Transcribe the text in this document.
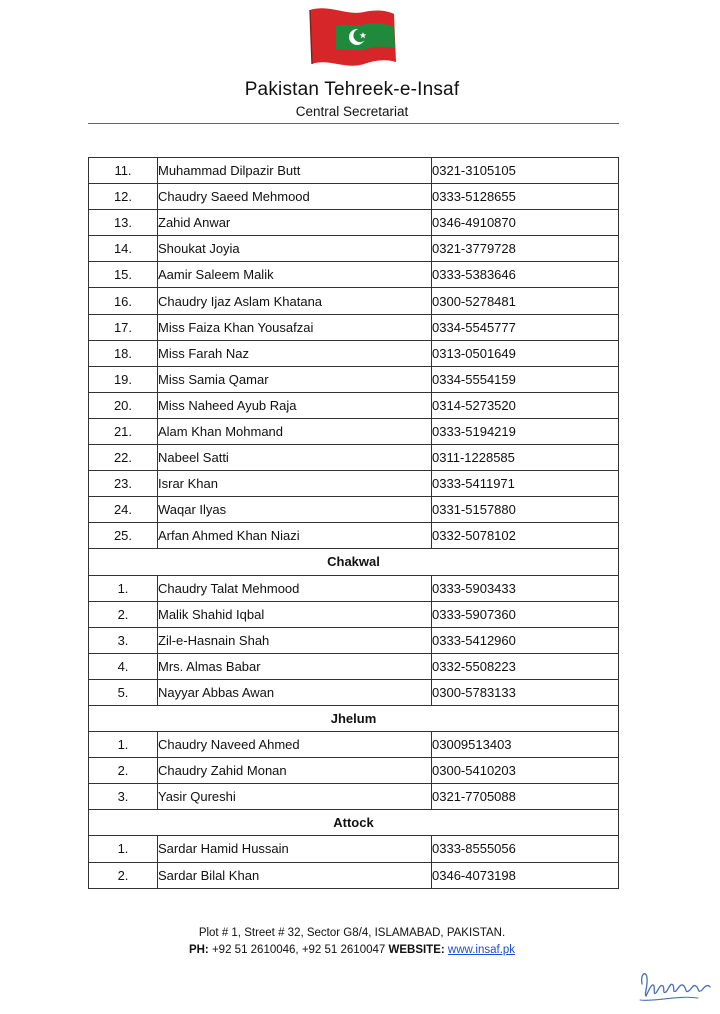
Pakistan Tehreek-e-Insaf
Central Secretariat
11.	Muhammad Dilpazir Butt	0321-3105105
12.	Chaudry Saeed Mehmood	0333-5128655
13.	Zahid Anwar	0346-4910870
14.	Shoukat Joyia	0321-3779728
15.	Aamir Saleem Malik	0333-5383646
16.	Chaudry Ijaz Aslam Khatana	0300-5278481
17.	Miss Faiza Khan Yousafzai	0334-5545777
18.	Miss Farah Naz	0313-0501649
19.	Miss Samia Qamar	0334-5554159
20.	Miss Naheed Ayub Raja	0314-5273520
21.	Alam Khan Mohmand	0333-5194219
22.	Nabeel Satti	0311-1228585
23.	Israr Khan	0333-5411971
24.	Waqar Ilyas	0331-5157880
25.	Arfan Ahmed Khan Niazi	0332-5078102
Chakwal		
1.	Chaudry Talat Mehmood	0333-5903433
2.	Malik Shahid Iqbal	0333-5907360
3.	Zil-e-Hasnain Shah	0333-5412960
4.	Mrs. Almas Babar	0332-5508223
5.	Nayyar Abbas Awan	0300-5783133
Jhelum		
1.	Chaudry Naveed Ahmed	03009513403
2.	Chaudry Zahid Monan	0300-5410203
3.	Yasir Qureshi	0321-7705088
Attock		
1.	Sardar Hamid Hussain	0333-8555056
2.	Sardar Bilal Khan	0346-4073198
Plot # 1, Street # 32, Sector G8/4, ISLAMABAD, PAKISTAN.
PH: +92 51 2610046, +92 51 2610047 WEBSITE: www.insaf.pk
